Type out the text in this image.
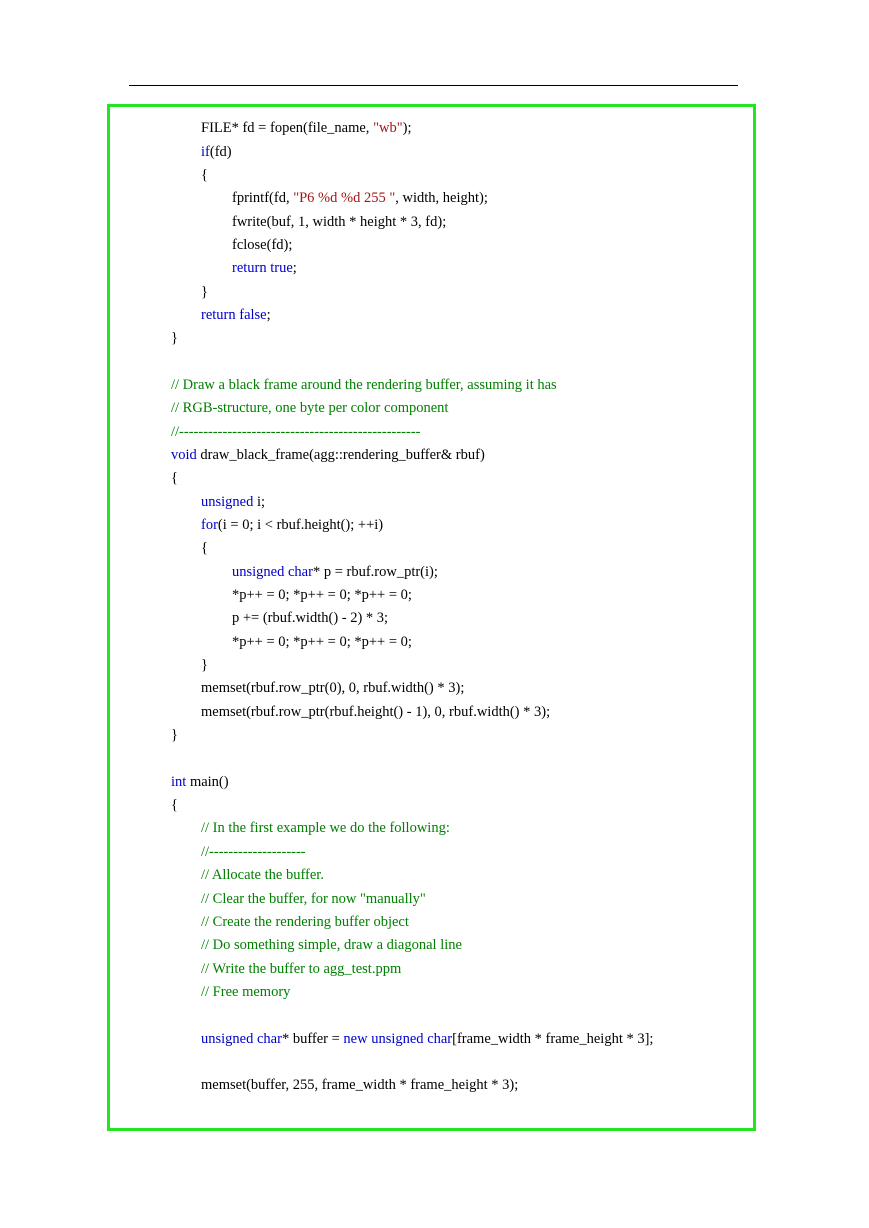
FILE* fd = fopen(file_name, "wb");
if(fd)
{
fprintf(fd, "P6 %d %d 255 ", width, height);
fwrite(buf, 1, width * height * 3, fd);
fclose(fd);
return true;
}
return false;
}
// Draw a black frame around the rendering buffer, assuming it has
// RGB-structure, one byte per color component
//--------------------------------------------------
void draw_black_frame(agg::rendering_buffer& rbuf)
{
unsigned i;
for(i = 0; i < rbuf.height(); ++i)
{
unsigned char* p = rbuf.row_ptr(i);
*p++ = 0; *p++ = 0; *p++ = 0;
p += (rbuf.width() - 2) * 3;
*p++ = 0; *p++ = 0; *p++ = 0;
}
memset(rbuf.row_ptr(0), 0, rbuf.width() * 3);
memset(rbuf.row_ptr(rbuf.height() - 1), 0, rbuf.width() * 3);
}
int main()
{
// In the first example we do the following:
//--------------------
// Allocate the buffer.
// Clear the buffer, for now "manually"
// Create the rendering buffer object
// Do something simple, draw a diagonal line
// Write the buffer to agg_test.ppm
// Free memory
unsigned char* buffer = new unsigned char[frame_width * frame_height * 3];
memset(buffer, 255, frame_width * frame_height * 3);
